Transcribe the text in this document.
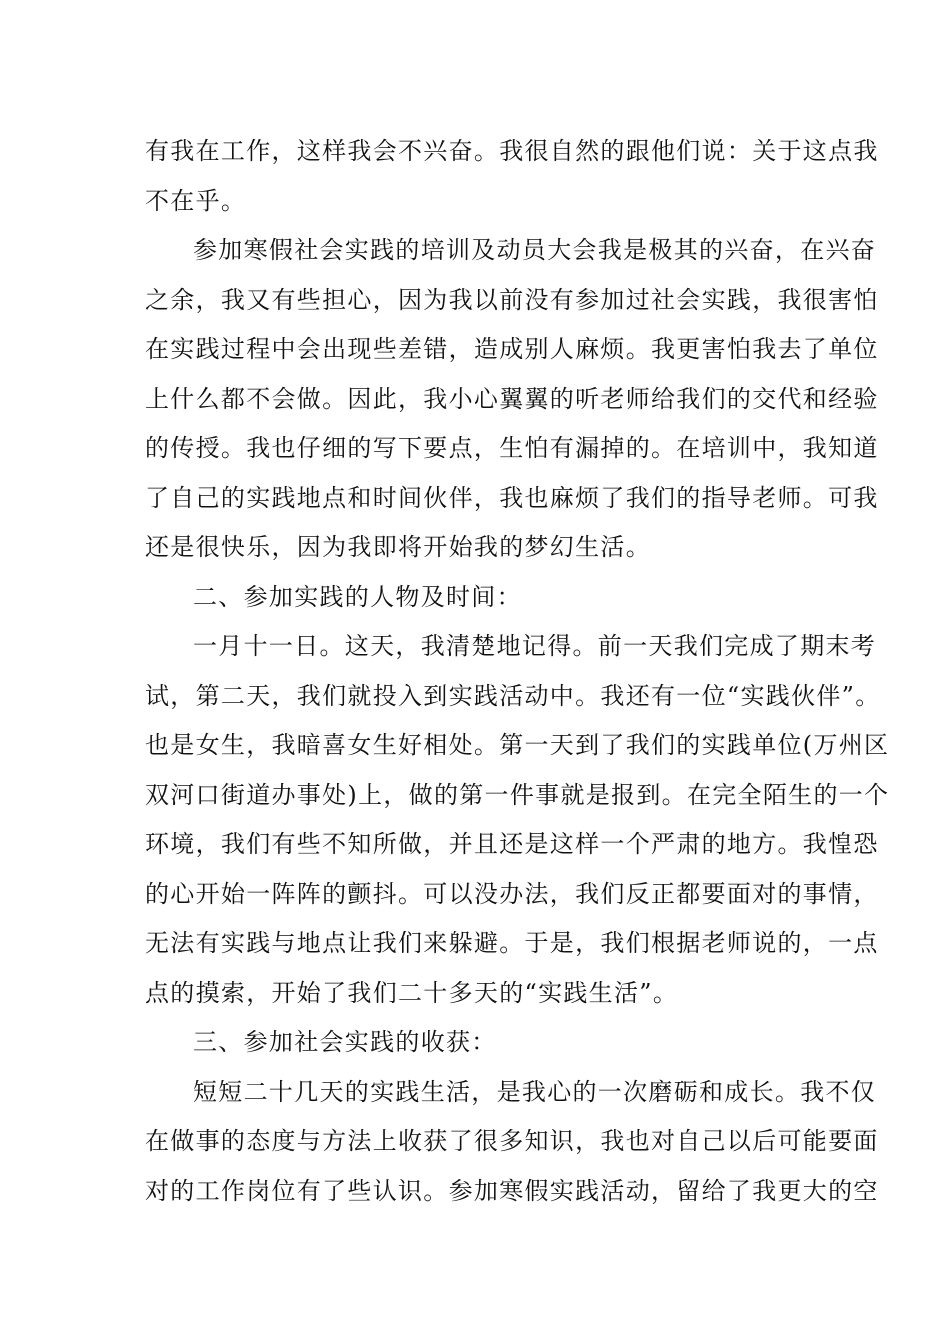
有我在工作，这样我会不兴奋。我很自然的跟他们说：关于这点我
不在乎。
参加寒假社会实践的培训及动员大会我是极其的兴奋，在兴奋
之余，我又有些担心，因为我以前没有参加过社会实践，我很害怕
在实践过程中会出现些差错，造成别人麻烦。我更害怕我去了单位
上什么都不会做。因此，我小心翼翼的听老师给我们的交代和经验
的传授。我也仔细的写下要点，生怕有漏掉的。在培训中，我知道
了自己的实践地点和时间伙伴，我也麻烦了我们的指导老师。可我
还是很快乐，因为我即将开始我的梦幻生活。
二、参加实践的人物及时间：
一月十一日。这天，我清楚地记得。前一天我们完成了期末考
试，第二天，我们就投入到实践活动中。我还有一位“实践伙伴”。
也是女生，我暗喜女生好相处。第一天到了我们的实践单位(万州区
双河口街道办事处)上，做的第一件事就是报到。在完全陌生的一个
环境，我们有些不知所做，并且还是这样一个严肃的地方。我惶恐
的心开始一阵阵的颤抖。可以没办法，我们反正都要面对的事情，
无法有实践与地点让我们来躲避。于是，我们根据老师说的，一点
点的摸索，开始了我们二十多天的“实践生活”。
三、参加社会实践的收获：
短短二十几天的实践生活，是我心的一次磨砺和成长。我不仅
在做事的态度与方法上收获了很多知识，我也对自己以后可能要面
对的工作岗位有了些认识。参加寒假实践活动，留给了我更大的空
